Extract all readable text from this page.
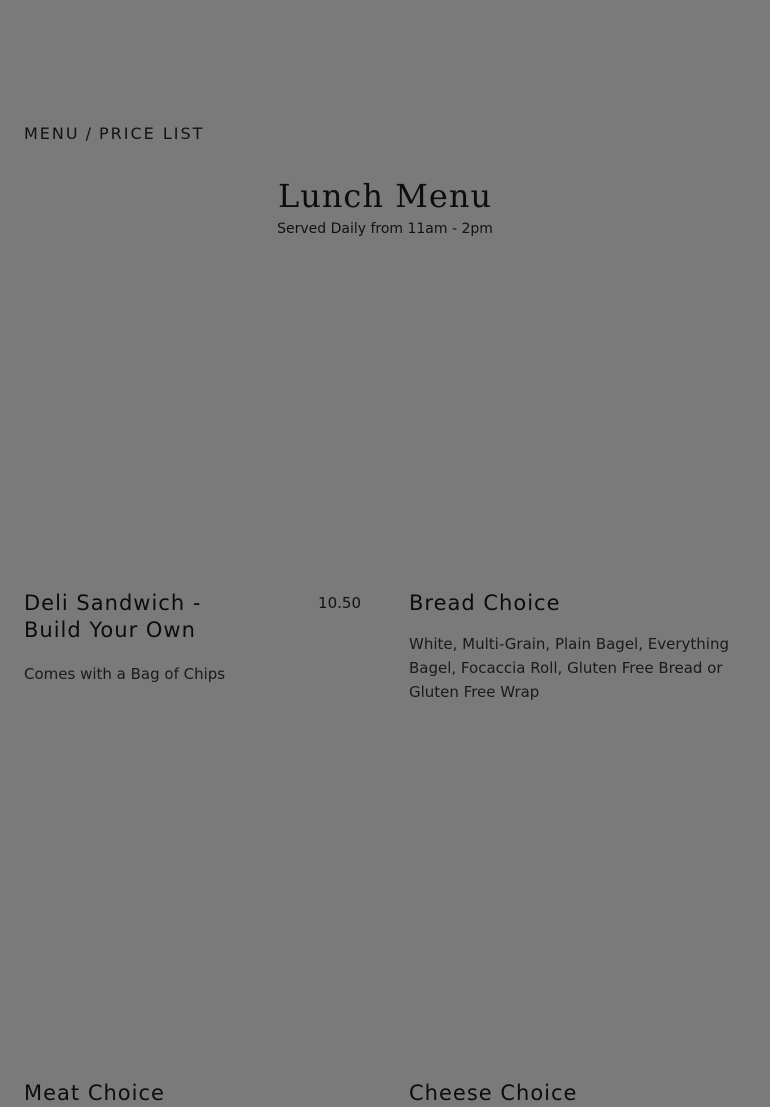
MENU / PRICE LIST
Lunch Menu
Served Daily from 11am - 2pm
Deli Sandwich - Build Your Own
10.50
Comes with a Bag of Chips
Bread Choice
White, Multi-Grain, Plain Bagel, Everything Bagel, Focaccia Roll, Gluten Free Bread or Gluten Free Wrap
Meat Choice	Cheese Choice
